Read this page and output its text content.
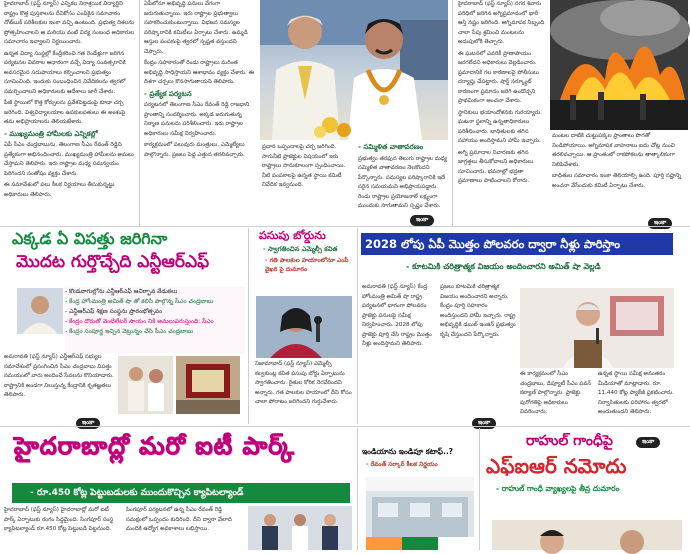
హైదరాబాద్ (ఫస్ట్ న్యూస్) ఎన్నికల నిరాశ్రయిక విద్యార్థిని రాష్ట్రం కొత్త పుస్తకాలను దీనికోసం ఎంపికైన సమాచారం నోట్‌బుక్ పరిశీలకుల ఇంకా వచ్చి ఉంటుంది. ప్రభుత్వ దిశలను ప్రోత్సహించాలని ఆ మరియు వంటి విద్య సంబంధ అధికారుల సమాచారం ఇవ్వాలని నిర్ణయించారు.

ఉన్నత విద్యా సంస్థల్లో కేంద్రీకరించి గత రెండేళ్లుగా జరిగిన పర్యటనల వివరాల ఆధారంగా వచ్చే విద్యా సంవత్సరానికి అవసరమైన సదుపాయాలు కల్పించాలని ప్రభుత్వం సూచించింది. ఇందుకు సంబంధించిన నివేదికలను త్వరలో సమర్పించాలని అధికారులకు ఆదేశాలు జారీ చేశారు.

పీజీ స్థాయిలో కొత్త కోర్సులను ప్రవేశపెట్టడంపై కూడా చర్చ జరిగింది. విశ్వవిద్యాలయాల ఉపకులపతులు ఈ అంశంపై తమ అభిప్రాయాలను తెలియజేశారు.

- ముఖ్యమంత్రి హామీలకు ఎన్నికల్లో

ఏపీ సీఎం చంద్రబాబును, తెలంగాణ సీఎం రేవంత్ రెడ్డిని ప్రత్యేకంగా అభినందించారు. ముఖ్యమంత్రి హామీలను అమలు చేస్తామని తెలిపారు. ఇరు రాష్ట్రాల మధ్య సమన్వయం పెరిగిందని సంతోషం వ్యక్తం చేశారు.

ఈ సమావేశంలో పలు కీలక నిర్ణయాలు తీసుకున్నట్టు అధికారులు తెలిపారు.

ఏపీలోనూ అభివృద్ధి పనులు వేగంగా జరుగుతున్నాయి. ఇరు రాష్ట్రాల ప్రభుత్వాలు సహకరించుకుంటున్నాయి. విభజన సమస్యల పరిష్కారానికి కమిటీలు ఏర్పాటు చేశారు. ఉమ్మడి ఆస్తుల పంపకంపై త్వరలో స్పష్టత వస్తుందని చెప్పారు.

కేంద్రం సహకారంతో రెండు రాష్ట్రాలు మరింత అభివృద్ధి సాధిస్తాయని ఆశాభావం వ్యక్తం చేశారు. ఈ దిశగా చర్చలు కొనసాగుతాయని తెలిపారు.

- ప్రత్యేక పర్యటన

పర్యటనలో తెలంగాణ సీఎం రేవంత్ రెడ్డి రాజధాని ప్రాంతాన్ని సందర్శించారు. అక్కడ జరుగుతున్న నిర్మాణ పనులను పరిశీలించారు. ఇరు రాష్ట్రాల అధికారులు సమీక్ష నిర్వహించారు.

కార్యక్రమంలో పలువురు మంత్రులు, ఎమ్మెల్యేలు పాల్గొన్నారు. ప్రజలు పెద్ద ఎత్తున తరలివచ్చారు.

ప్రధాన ఒప్పందాలపై చర్చ జరిగింది. సాగునీటి ప్రాజెక్టుల విషయంలో ఇరు రాష్ట్రాలు సానుకూలంగా స్పందించాయి. నీటి పంపకాలపై ఉన్నత స్థాయి కమిటీ నివేదిక ఇవ్వనుంది.

- సమ్మిళిత వాతావరణం

ప్రభుత్వం తరఫున తెలుగు రాష్ట్రాల మధ్య సమ్మిళిత వాతావరణం నెలకొందని పేర్కొన్నారు. సమస్యల పరిష్కారానికి ఇదే సరైన సమయమని అభిప్రాయపడ్డారు. రెండు రాష్ట్రాల ప్రయోజనాలే లక్ష్యంగా ముందుకు సాగుతామని స్పష్టం చేశారు.

ఇంకా

హైదరాబాద్ (ఫస్ట్ న్యూస్) నగర శివారు పరిధిలో జరిగిన అగ్నిప్రమాదంలో భారీ ఆస్తి నష్టం జరిగింది. అగ్నిమాపక సిబ్బంది చాలా సేపు శ్రమించి మంటలను అదుపులోకి తెచ్చారు.

ఈ ఘటనలో ఎవరికీ ప్రాణాపాయం జరగలేదని అధికారులు వెల్లడించారు. ప్రమాదానికి గల కారణాలపై పోలీసులు దర్యాప్తు చేపట్టారు. షార్ట్ సర్క్యూట్ కారణంగా ప్రమాదం జరిగి ఉండొచ్చని ప్రాథమికంగా అంచనా వేశారు.

స్థానికులు భయాందోళనకు గురయ్యారు. ఘటనా స్థలాన్ని ఉన్నతాధికారులు పరిశీలించారు. బాధితులకు తగిన సహాయం అందిస్తామని హామీ ఇచ్చారు.

అగ్ని ప్రమాదాల నివారణకు తగిన జాగ్రత్తలు తీసుకోవాలని అధికారులు సూచించారు. భవనాల్లో భద్రతా ప్రమాణాలు పాటించాలని కోరారు.

మంటల ధాటికి చుట్టుపక్కల ప్రాంతాలు పొగతో నిండిపోయాయి. అగ్నిమాపక వాహనాలు ఐదు చోట్ల నుంచి తరలివచ్చాయి. ఆ ప్రాంతంలో రాకపోకలను తాత్కాలికంగా నిలిపివేశారు.

బాధితుల సమాచారం ఇంకా తెలియాల్సి ఉంది. పూర్తి నష్టాన్ని అంచనా వేసేందుకు కమిటీ ఏర్పాటు చేశారు.

ఇంకా
ఎక్కడ ఏ విపత్తు జరిగినా
మొదట గుర్తొచ్చేది ఎన్టీఆర్‌ఎఫ్
- కొండవాగుల్లోను ఎన్డీఆర్ఎఫ్ ఆవిర్భావ వేడుకలు
- కేంద్ర హోంమంత్రి అమిత్ షా తో కలిసి పాల్గొన్న సీఎం చంద్రబాబు
- ఎన్డీఆర్ఎఫ్ శిక్షణ సంస్థను ప్రారంభోత్సవం
- కేంద్రం దౌరుతో వెంటిలేటర్ సాయం నికి అమలుపరుస్తుంది: సీఎం
- కేంద్రం సంపూర్ణ ఇచ్చిన వెట్రున్నం చేసి సీఎం చంద్రబాబు

అమరావతి (ఫస్ట్ న్యూస్) ఎన్టీఆర్ఎఫ్ సభ్యుల సమావేశంలో ప్రసంగించిన సీఎం చంద్రబాబు విపత్తు సమయంలో వారు అందించే సేవలను కొనియాడారు. రాష్ట్రానికి అండగా నిలుస్తున్న కేంద్రానికి కృతజ్ఞతలు తెలిపారు.

ఇంకా
పసుపు బోర్డును
- స్వాగతించిన ఎమ్మెల్సీ కవిత
- గతి పాలకుల హయాంలోనూ ఎంపీ వైఖరి పై దుమారం

నిజామాబాద్ (ఫస్ట్ న్యూస్) ఎమ్మెల్సీ కల్వకుంట్ల కవిత పసుపు బోర్డు ఏర్పాటును స్వాగతించారు. రైతుల కోరిక నెరవేరిందని అన్నారు. గత పాలకుల హయాంలో దీని కోసం చాలా పోరాటం జరిగిందని గుర్తుచేశారు.

2028 లోపు ఏపీ మొత్తం పోలవరం ద్వారా నీళ్లు పారిస్తాం
- కూటమికి చరిత్రాత్మక విజయం అందించారని అమిత్ షా వెల్లడి

అమరావతి (ఫస్ట్ న్యూస్) కేంద్ర హోంమంత్రి అమిత్ షా రాష్ట్ర పర్యటనలో భాగంగా పోలవరం ప్రాజెక్టు పనులపై సమీక్ష నిర్వహించారు. 2028 లోపు ప్రాజెక్టు పూర్తి చేసి రాష్ట్రం మొత్తం నీళ్లు అందిస్తామని తెలిపారు.

ప్రజలు కూటమికి చరిత్రాత్మక విజయం అందించారని అన్నారు. కేంద్రం పూర్తి సహకారం అందిస్తుందని హామీ ఇచ్చారు. రాష్ట్ర అభివృద్ధికి డబుల్ ఇంజిన్ ప్రభుత్వం కృషి చేస్తుందని పేర్కొన్నారు.

ఈ కార్యక్రమంలో సీఎం చంద్రబాబు, డిప్యూటీ సీఎం పవన్ కల్యాణ్ పాల్గొన్నారు. ప్రాజెక్టు పురోగతిపై అధికారులు వివరించారు.

ఉన్నత స్థాయి సమీక్ష అనంతరం మీడియాతో మాట్లాడారు. రూ. 11,440 కోట్ల ప్యాకేజీ ప్రకటించారు. నిర్వాసితులకు పరిహారం త్వరలో అందుతుందని తెలిపారు.

ఇంకా
ఇంకా
హైదరాబాద్లో మరో ఐటీ పార్క్
- రూ.450 కోట్ల పెట్టుబడులకు ముందుకొచ్చిన క్యాపిటల్యాండ్

హైదరాబాద్ (ఫస్ట్ న్యూస్) హైదరాబాద్లో మరో ఐటీ పార్క్ ఏర్పాటుకు రంగం సిద్ధమైంది. సింగపూర్ సంస్థ క్యాపిటల్యాండ్ రూ.450 కోట్ల పెట్టుబడి పెట్టనుంది.

సింగపూర్ పర్యటనలో ఉన్న సీఎం రేవంత్ రెడ్డి సమక్షంలో ఒప్పందం కుదిరింది. దీని ద్వారా వేలాది మందికి ఉద్యోగ అవకాశాలు లభిస్తాయి.

ఇండియాను ఇండిపూ కటాఫ్..?
- రేవంత్ సర్కార్ కీలక నిర్ణయం
రాహుల్ గాంధీపై
ఎఫ్ఐఆర్ నమోదు
- రాహుల్ గాంధీ వ్యాఖ్యలపై తీవ్ర దుమారం
